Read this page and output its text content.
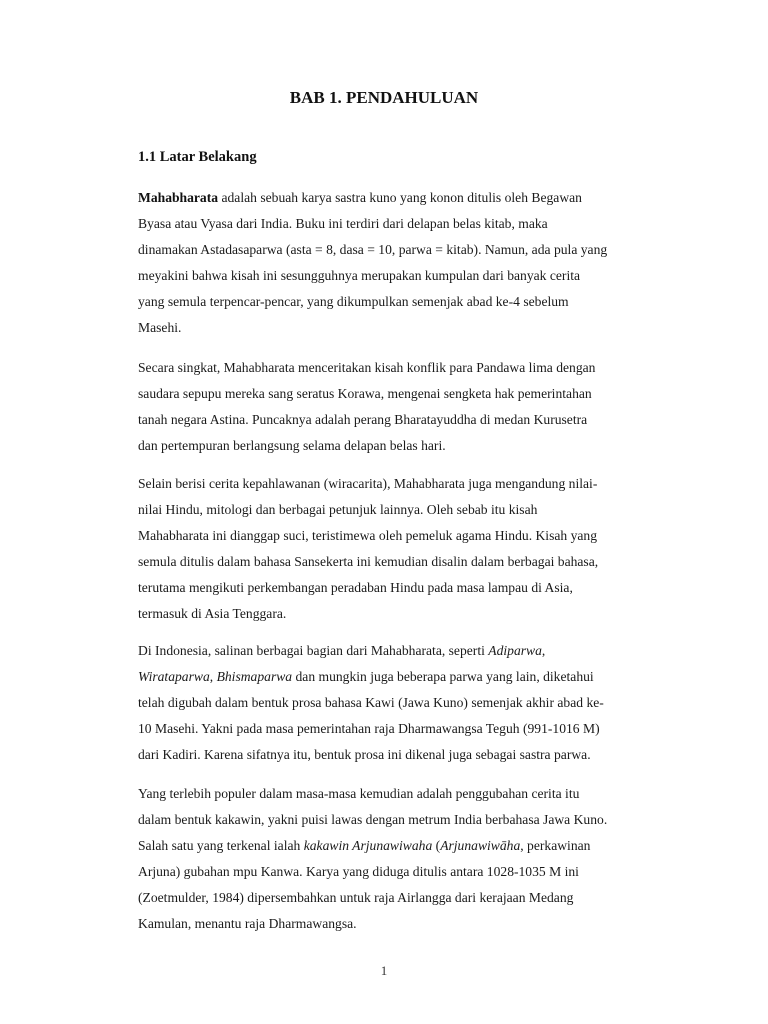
BAB 1. PENDAHULUAN
1.1 Latar Belakang
Mahabharata adalah sebuah karya sastra kuno yang konon ditulis oleh Begawan
Byasa atau Vyasa dari India. Buku ini terdiri dari delapan belas kitab, maka
dinamakan Astadasaparwa (asta = 8, dasa = 10, parwa = kitab). Namun, ada pula yang
meyakini bahwa kisah ini sesungguhnya merupakan kumpulan dari banyak cerita
yang semula terpencar-pencar, yang dikumpulkan semenjak abad ke-4 sebelum
Masehi.
Secara singkat, Mahabharata menceritakan kisah konflik para Pandawa lima dengan
saudara sepupu mereka sang seratus Korawa, mengenai sengketa hak pemerintahan
tanah negara Astina. Puncaknya adalah perang Bharatayuddha di medan Kurusetra
dan pertempuran berlangsung selama delapan belas hari.
Selain berisi cerita kepahlawanan (wiracarita), Mahabharata juga mengandung nilai-
nilai Hindu, mitologi dan berbagai petunjuk lainnya. Oleh sebab itu kisah
Mahabharata ini dianggap suci, teristimewa oleh pemeluk agama Hindu. Kisah yang
semula ditulis dalam bahasa Sansekerta ini kemudian disalin dalam berbagai bahasa,
terutama mengikuti perkembangan peradaban Hindu pada masa lampau di Asia,
termasuk di Asia Tenggara.
Di Indonesia, salinan berbagai bagian dari Mahabharata, seperti Adiparwa,
Wirataparwa, Bhismaparwa dan mungkin juga beberapa parwa yang lain, diketahui
telah digubah dalam bentuk prosa bahasa Kawi (Jawa Kuno) semenjak akhir abad ke-
10 Masehi. Yakni pada masa pemerintahan raja Dharmawangsa Teguh (991-1016 M)
dari Kadiri. Karena sifatnya itu, bentuk prosa ini dikenal juga sebagai sastra parwa.
Yang terlebih populer dalam masa-masa kemudian adalah penggubahan cerita itu
dalam bentuk kakawin, yakni puisi lawas dengan metrum India berbahasa Jawa Kuno.
Salah satu yang terkenal ialah kakawin Arjunawiwaha (Arjunawiwāha, perkawinan
Arjuna) gubahan mpu Kanwa. Karya yang diduga ditulis antara 1028-1035 M ini
(Zoetmulder, 1984) dipersembahkan untuk raja Airlangga dari kerajaan Medang
Kamulan, menantu raja Dharmawangsa.
1
